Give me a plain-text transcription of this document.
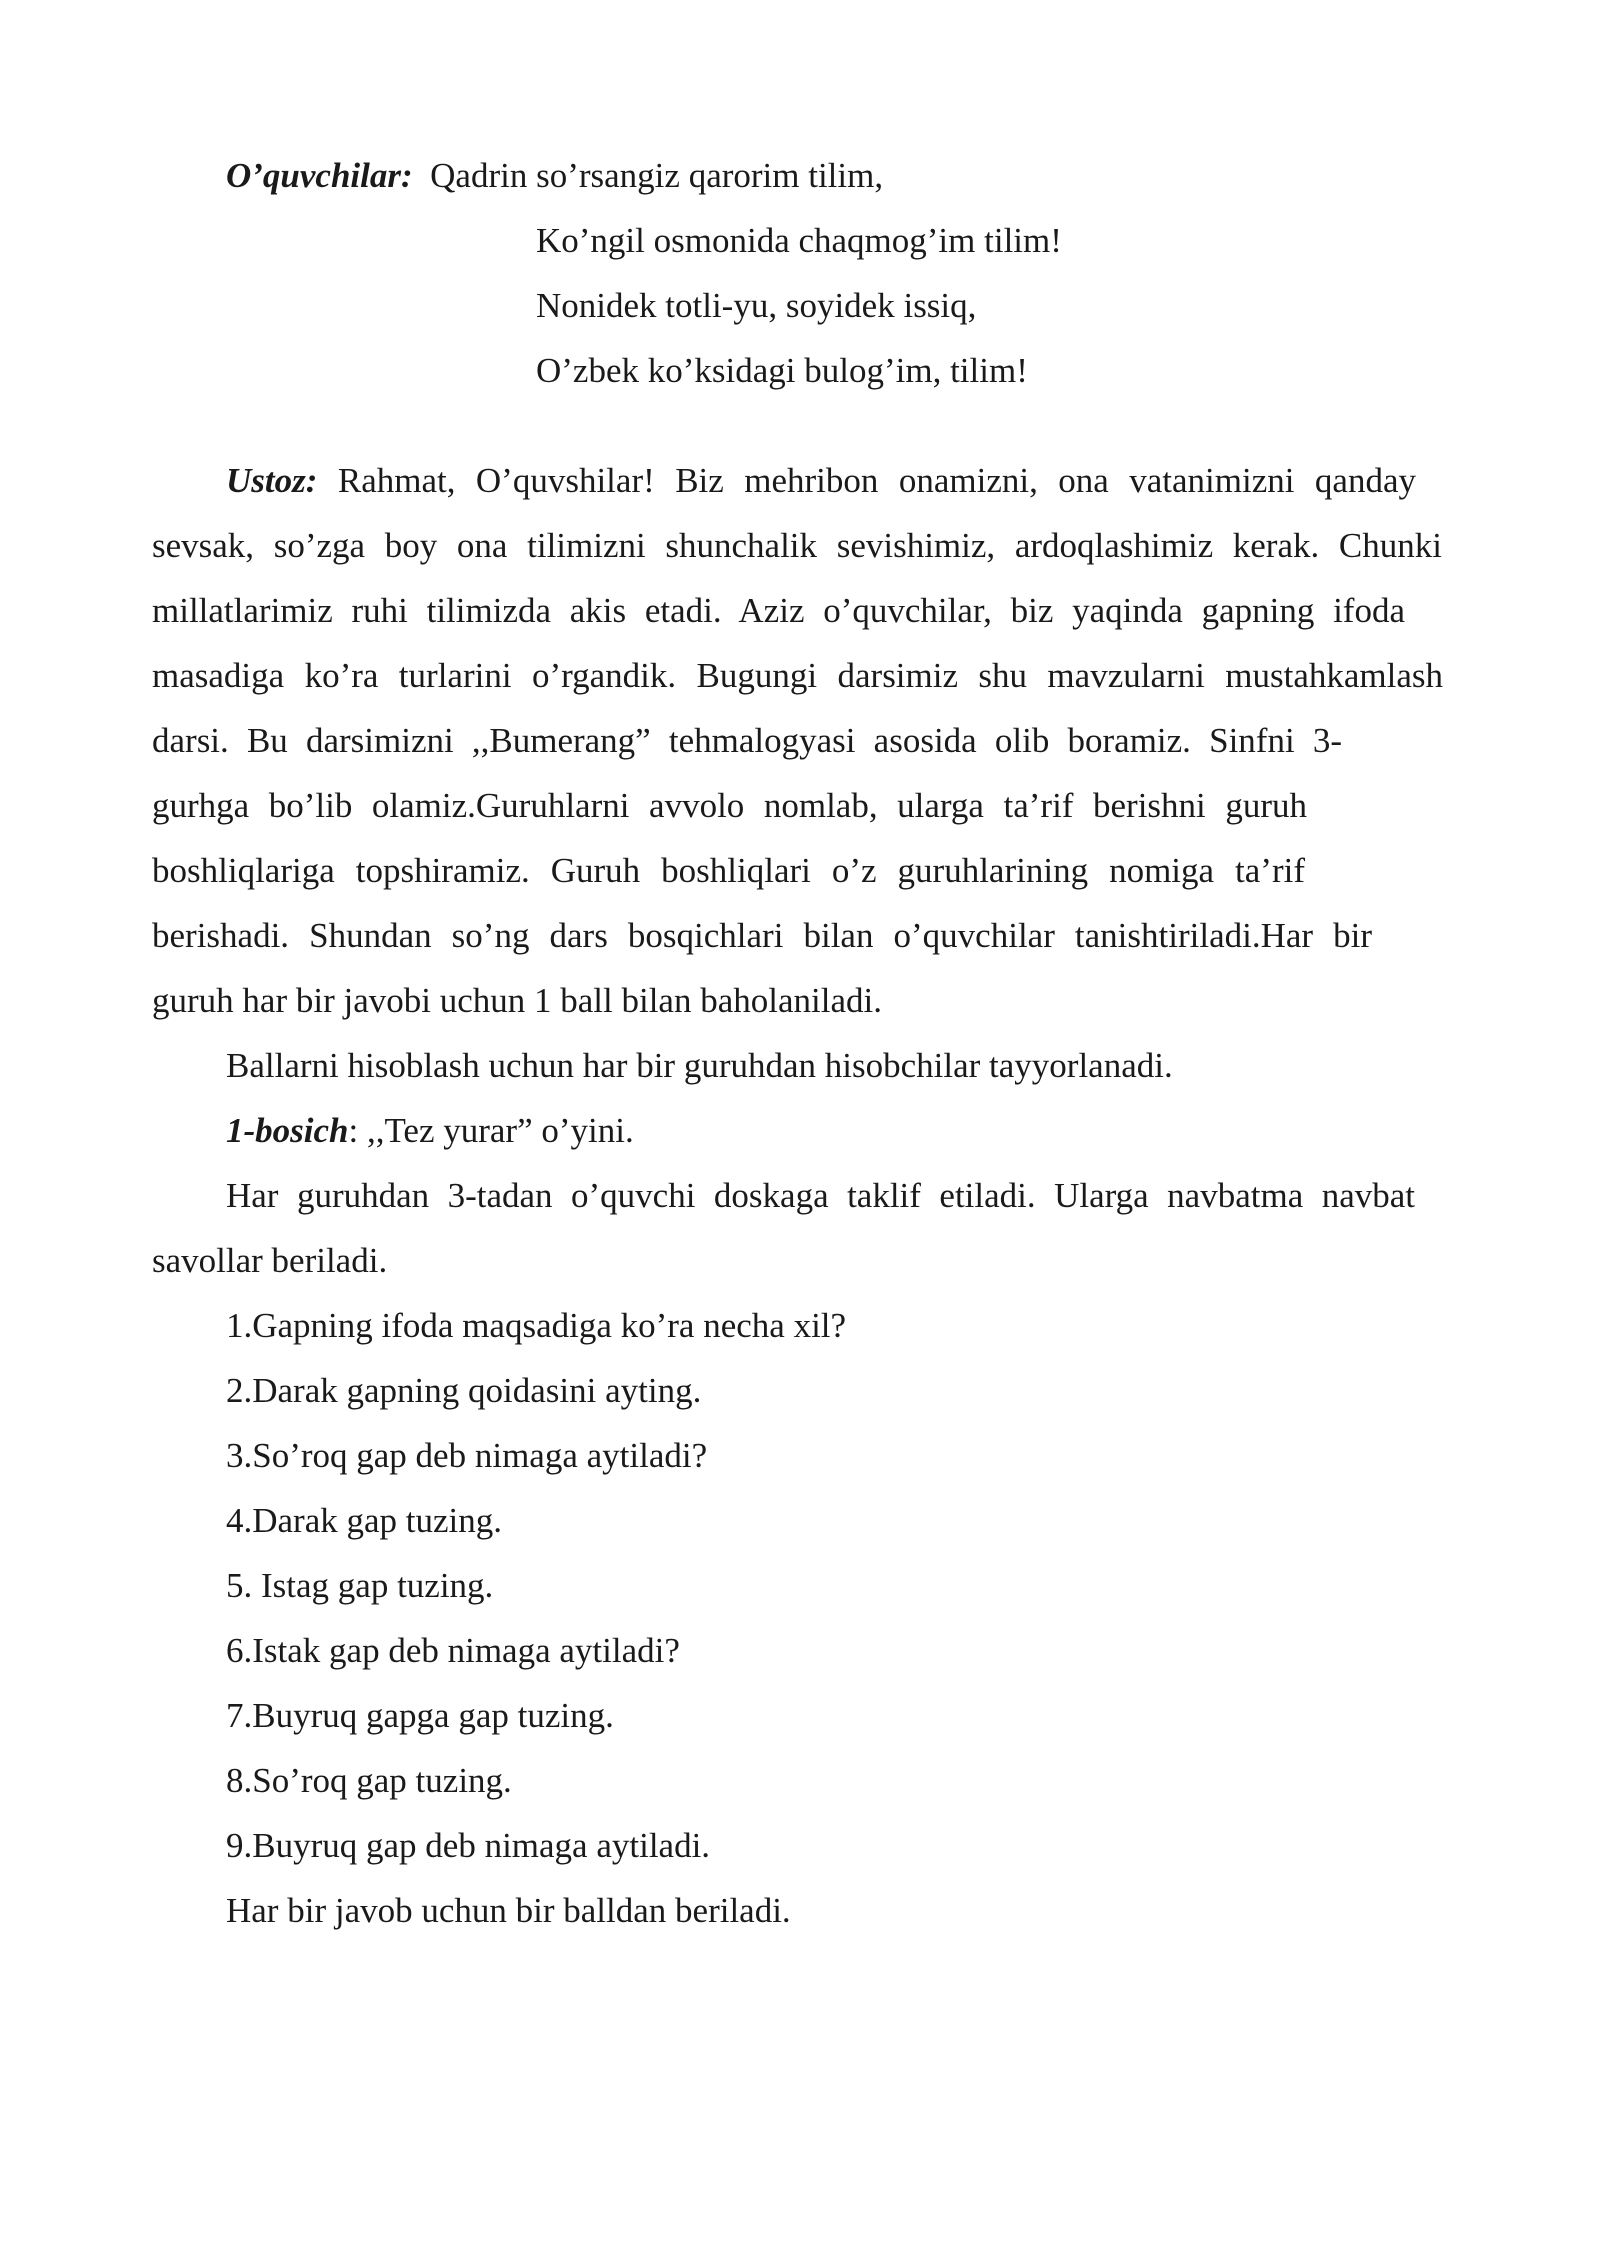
O’quvchilar: Qadrin so’rsangiz qarorim tilim,

Ko’ngil osmonida chaqmog’im tilim!

Nonidek totli-yu, soyidek issiq,

O’zbek ko’ksidagi bulog’im, tilim!

Ustoz: Rahmat, O’quvshilar! Biz mehribon onamizni, ona vatanimizni qanday

sevsak, so’zga boy ona tilimizni shunchalik sevishimiz, ardoqlashimiz kerak. Chunki

millatlarimiz ruhi tilimizda akis etadi. Aziz o’quvchilar, biz yaqinda gapning ifoda

masadiga ko’ra turlarini o’rgandik. Bugungi darsimiz shu mavzularni mustahkamlash

darsi. Bu darsimizni ,,Bumerang” tehmalogyasi asosida olib boramiz. Sinfni 3-

gurhga bo’lib olamiz.Guruhlarni avvolo nomlab, ularga ta’rif berishni guruh

boshliqlariga topshiramiz. Guruh boshliqlari o’z guruhlarining nomiga ta’rif

berishadi. Shundan so’ng dars bosqichlari bilan o’quvchilar tanishtiriladi.Har bir

guruh har bir javobi uchun 1 ball bilan baholaniladi.

Ballarni hisoblash uchun har bir guruhdan hisobchilar tayyorlanadi.

1-bosich: ,,Tez yurar” o’yini.

Har guruhdan 3-tadan o’quvchi doskaga taklif etiladi. Ularga navbatma navbat

savollar beriladi.

1.Gapning ifoda maqsadiga ko’ra necha xil?

2.Darak gapning qoidasini ayting.

3.So’roq gap deb nimaga aytiladi?

4.Darak gap tuzing.

5. Istag gap tuzing.

6.Istak gap deb nimaga aytiladi?

7.Buyruq gapga gap tuzing.

8.So’roq gap tuzing.

9.Buyruq gap deb nimaga aytiladi.

Har bir javob uchun bir balldan beriladi.
